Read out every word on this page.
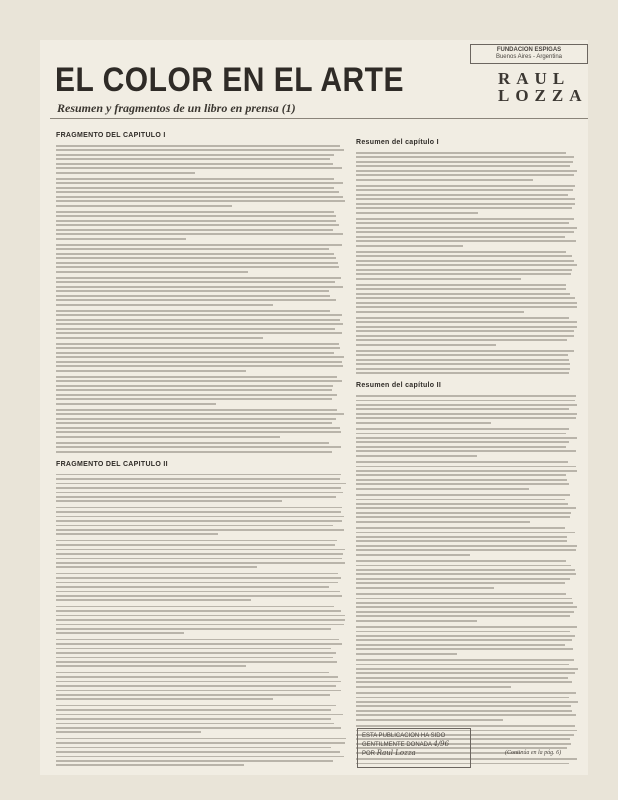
FUNDACION ESPIGAS
Buenos Aires - Argentina
RAUL
LOZZA
EL COLOR EN EL ARTE
Resumen y fragmentos de un libro en prensa (1)
FRAGMENTO DEL CAPITULO I
FRAGMENTO DEL CAPITULO II
Resumen del capítulo I
Resumen del capítulo II
ESTA PUBLICACION HA SIDO
GENTILMENTE DONADA 4/96
POR Raul Lozza	(Continúa en la pág. 6)
